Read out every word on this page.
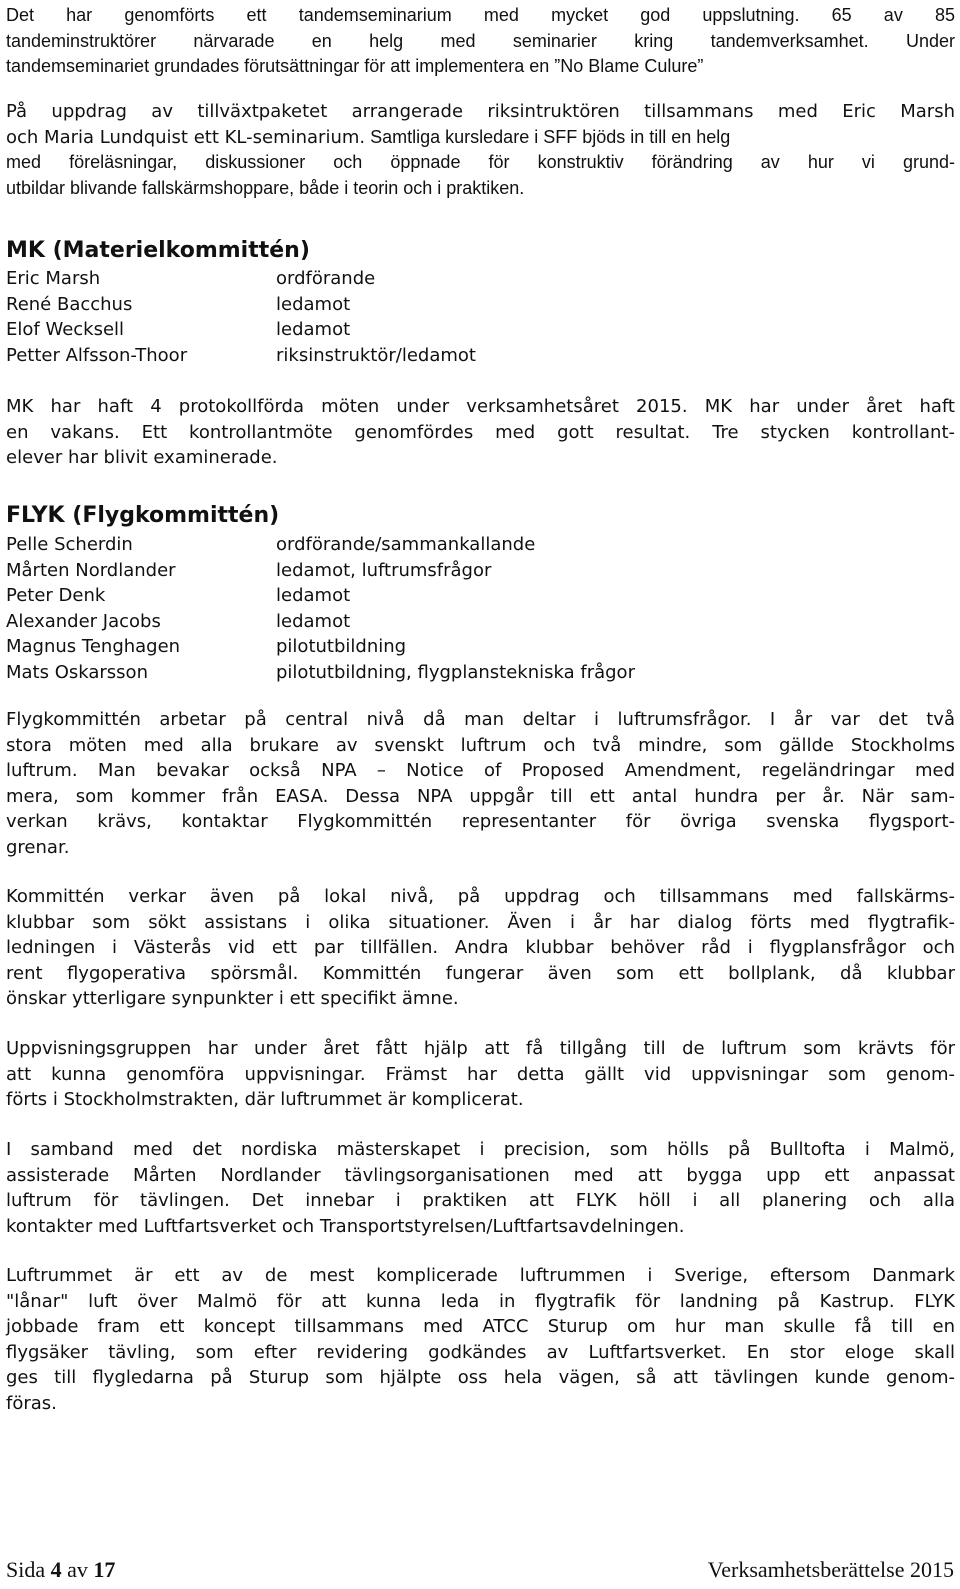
Det har genomförts ett tandemseminarium med mycket god uppslutning. 65 av 85
tandeminstruktörer närvarade en helg med seminarier kring tandemverksamhet. Under
tandemseminariet grundades förutsättningar för att implementera en ”No Blame Culure”
På uppdrag av tillväxtpaketet arrangerade riksintruktören tillsammans med Eric Marsh
och Maria Lundquist ett KL-seminarium. Samtliga kursledare i SFF bjöds in till en helg
med föreläsningar, diskussioner och öppnade för konstruktiv förändring av hur vi grund-
utbildar blivande fallskärmshoppare, både i teorin och i praktiken.
MK (Materielkommittén)
Eric Marsh	ordförande
René Bacchus	ledamot
Elof Wecksell	ledamot
Petter Alfsson-Thoor	riksinstruktör/ledamot
MK har haft 4 protokollförda möten under verksamhetsåret 2015. MK har under året haft
en vakans. Ett kontrollantmöte genomfördes med gott resultat. Tre stycken kontrollant-
elever har blivit examinerade.
FLYK (Flygkommittén)
Pelle Scherdin	ordförande/sammankallande
Mårten Nordlander	ledamot, luftrumsfrågor
Peter Denk	ledamot
Alexander Jacobs	ledamot
Magnus Tenghagen	pilotutbildning
Mats Oskarsson	pilotutbildning, flygplanstekniska frågor
Flygkommittén arbetar på central nivå då man deltar i luftrumsfrågor. I år var det två
stora möten med alla brukare av svenskt luftrum och två mindre, som gällde Stockholms
luftrum. Man bevakar också NPA – Notice of Proposed Amendment, regeländringar med
mera, som kommer från EASA. Dessa NPA uppgår till ett antal hundra per år. När sam-
verkan krävs, kontaktar Flygkommittén representanter för övriga svenska flygsport-
grenar.
Kommittén verkar även på lokal nivå, på uppdrag och tillsammans med fallskärms-
klubbar som sökt assistans i olika situationer. Även i år har dialog förts med flygtrafik-
ledningen i Västerås vid ett par tillfällen. Andra klubbar behöver råd i flygplansfrågor och
rent flygoperativa spörsmål. Kommittén fungerar även som ett bollplank, då klubbar
önskar ytterligare synpunkter i ett specifikt ämne.
Uppvisningsgruppen har under året fått hjälp att få tillgång till de luftrum som krävts för
att kunna genomföra uppvisningar. Främst har detta gällt vid uppvisningar som genom-
förts i Stockholmstrakten, där luftrummet är komplicerat.
I samband med det nordiska mästerskapet i precision, som hölls på Bulltofta i Malmö,
assisterade Mårten Nordlander tävlingsorganisationen med att bygga upp ett anpassat
luftrum för tävlingen. Det innebar i praktiken att FLYK höll i all planering och alla
kontakter med Luftfartsverket och Transportstyrelsen/Luftfartsavdelningen.
Luftrummet är ett av de mest komplicerade luftrummen i Sverige, eftersom Danmark
"lånar" luft över Malmö för att kunna leda in flygtrafik för landning på Kastrup. FLYK
jobbade fram ett koncept tillsammans med ATCC Sturup om hur man skulle få till en
flygsäker tävling, som efter revidering godkändes av Luftfartsverket. En stor eloge skall
ges till flygledarna på Sturup som hjälpte oss hela vägen, så att tävlingen kunde genom-
föras.
Sida 4 av 17	Verksamhetsberättelse 2015
